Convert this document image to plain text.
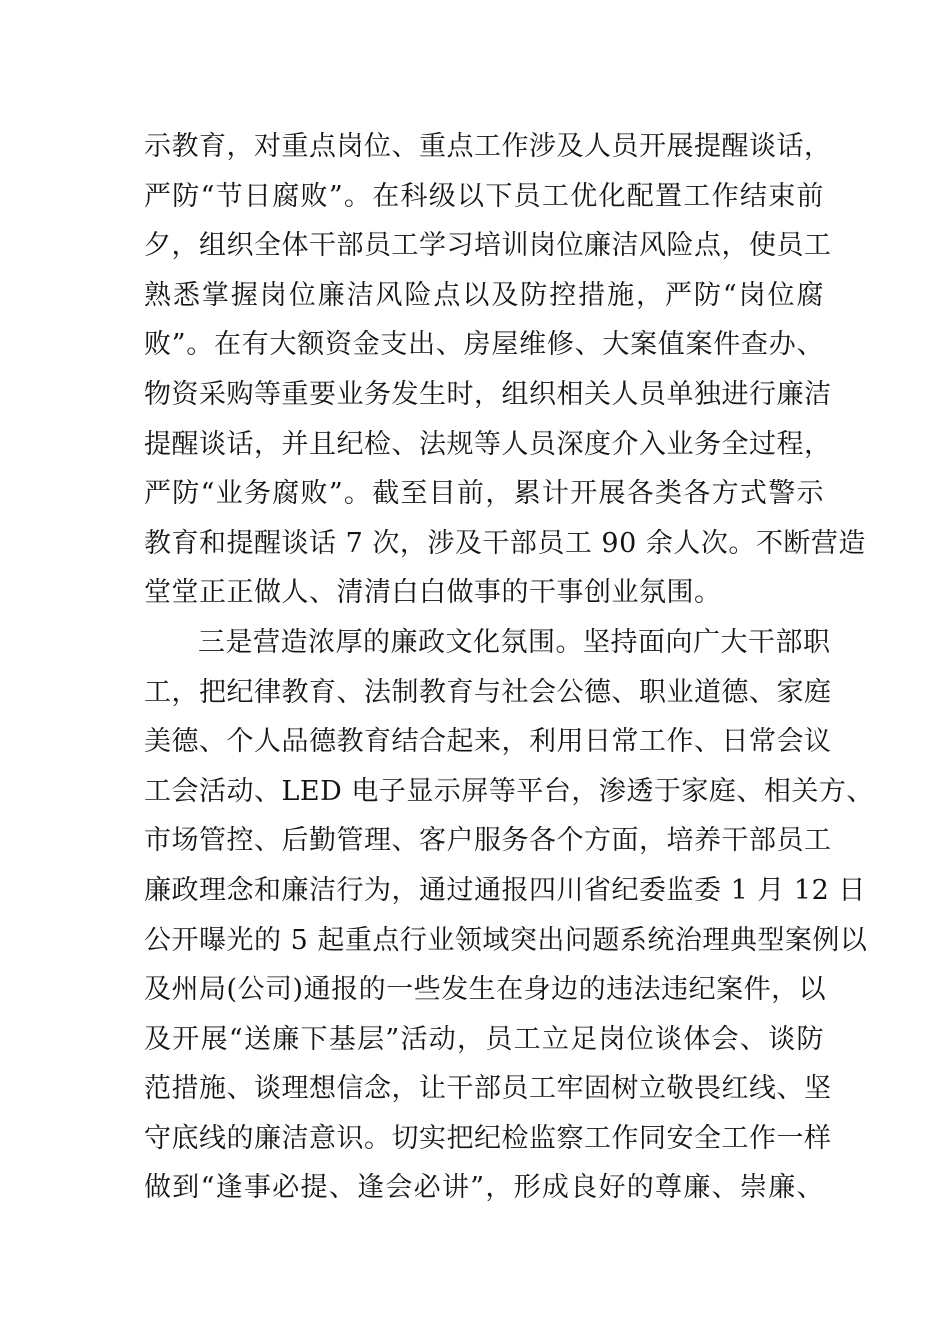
示教育，对重点岗位、重点工作涉及人员开展提醒谈话，
严防“节日腐败”。在科级以下员工优化配置工作结束前
夕，组织全体干部员工学习培训岗位廉洁风险点，使员工
熟悉掌握岗位廉洁风险点以及防控措施，严防“岗位腐
败”。在有大额资金支出、房屋维修、大案值案件查办、
物资采购等重要业务发生时，组织相关人员单独进行廉洁
提醒谈话，并且纪检、法规等人员深度介入业务全过程，
严防“业务腐败”。截至目前，累计开展各类各方式警示
教育和提醒谈话 7 次，涉及干部员工 90 余人次。不断营造
堂堂正正做人、清清白白做事的干事创业氛围。
三是营造浓厚的廉政文化氛围。坚持面向广大干部职
工，把纪律教育、法制教育与社会公德、职业道德、家庭
美德、个人品德教育结合起来，利用日常工作、日常会议
工会活动、LED 电子显示屏等平台，渗透于家庭、相关方、
市场管控、后勤管理、客户服务各个方面，培养干部员工
廉政理念和廉洁行为，通过通报四川省纪委监委 1 月 12 日
公开曝光的 5 起重点行业领域突出问题系统治理典型案例以
及州局(公司)通报的一些发生在身边的违法违纪案件，以
及开展“送廉下基层”活动，员工立足岗位谈体会、谈防
范措施、谈理想信念，让干部员工牢固树立敬畏红线、坚
守底线的廉洁意识。切实把纪检监察工作同安全工作一样
做到“逢事必提、逢会必讲”，形成良好的尊廉、崇廉、
